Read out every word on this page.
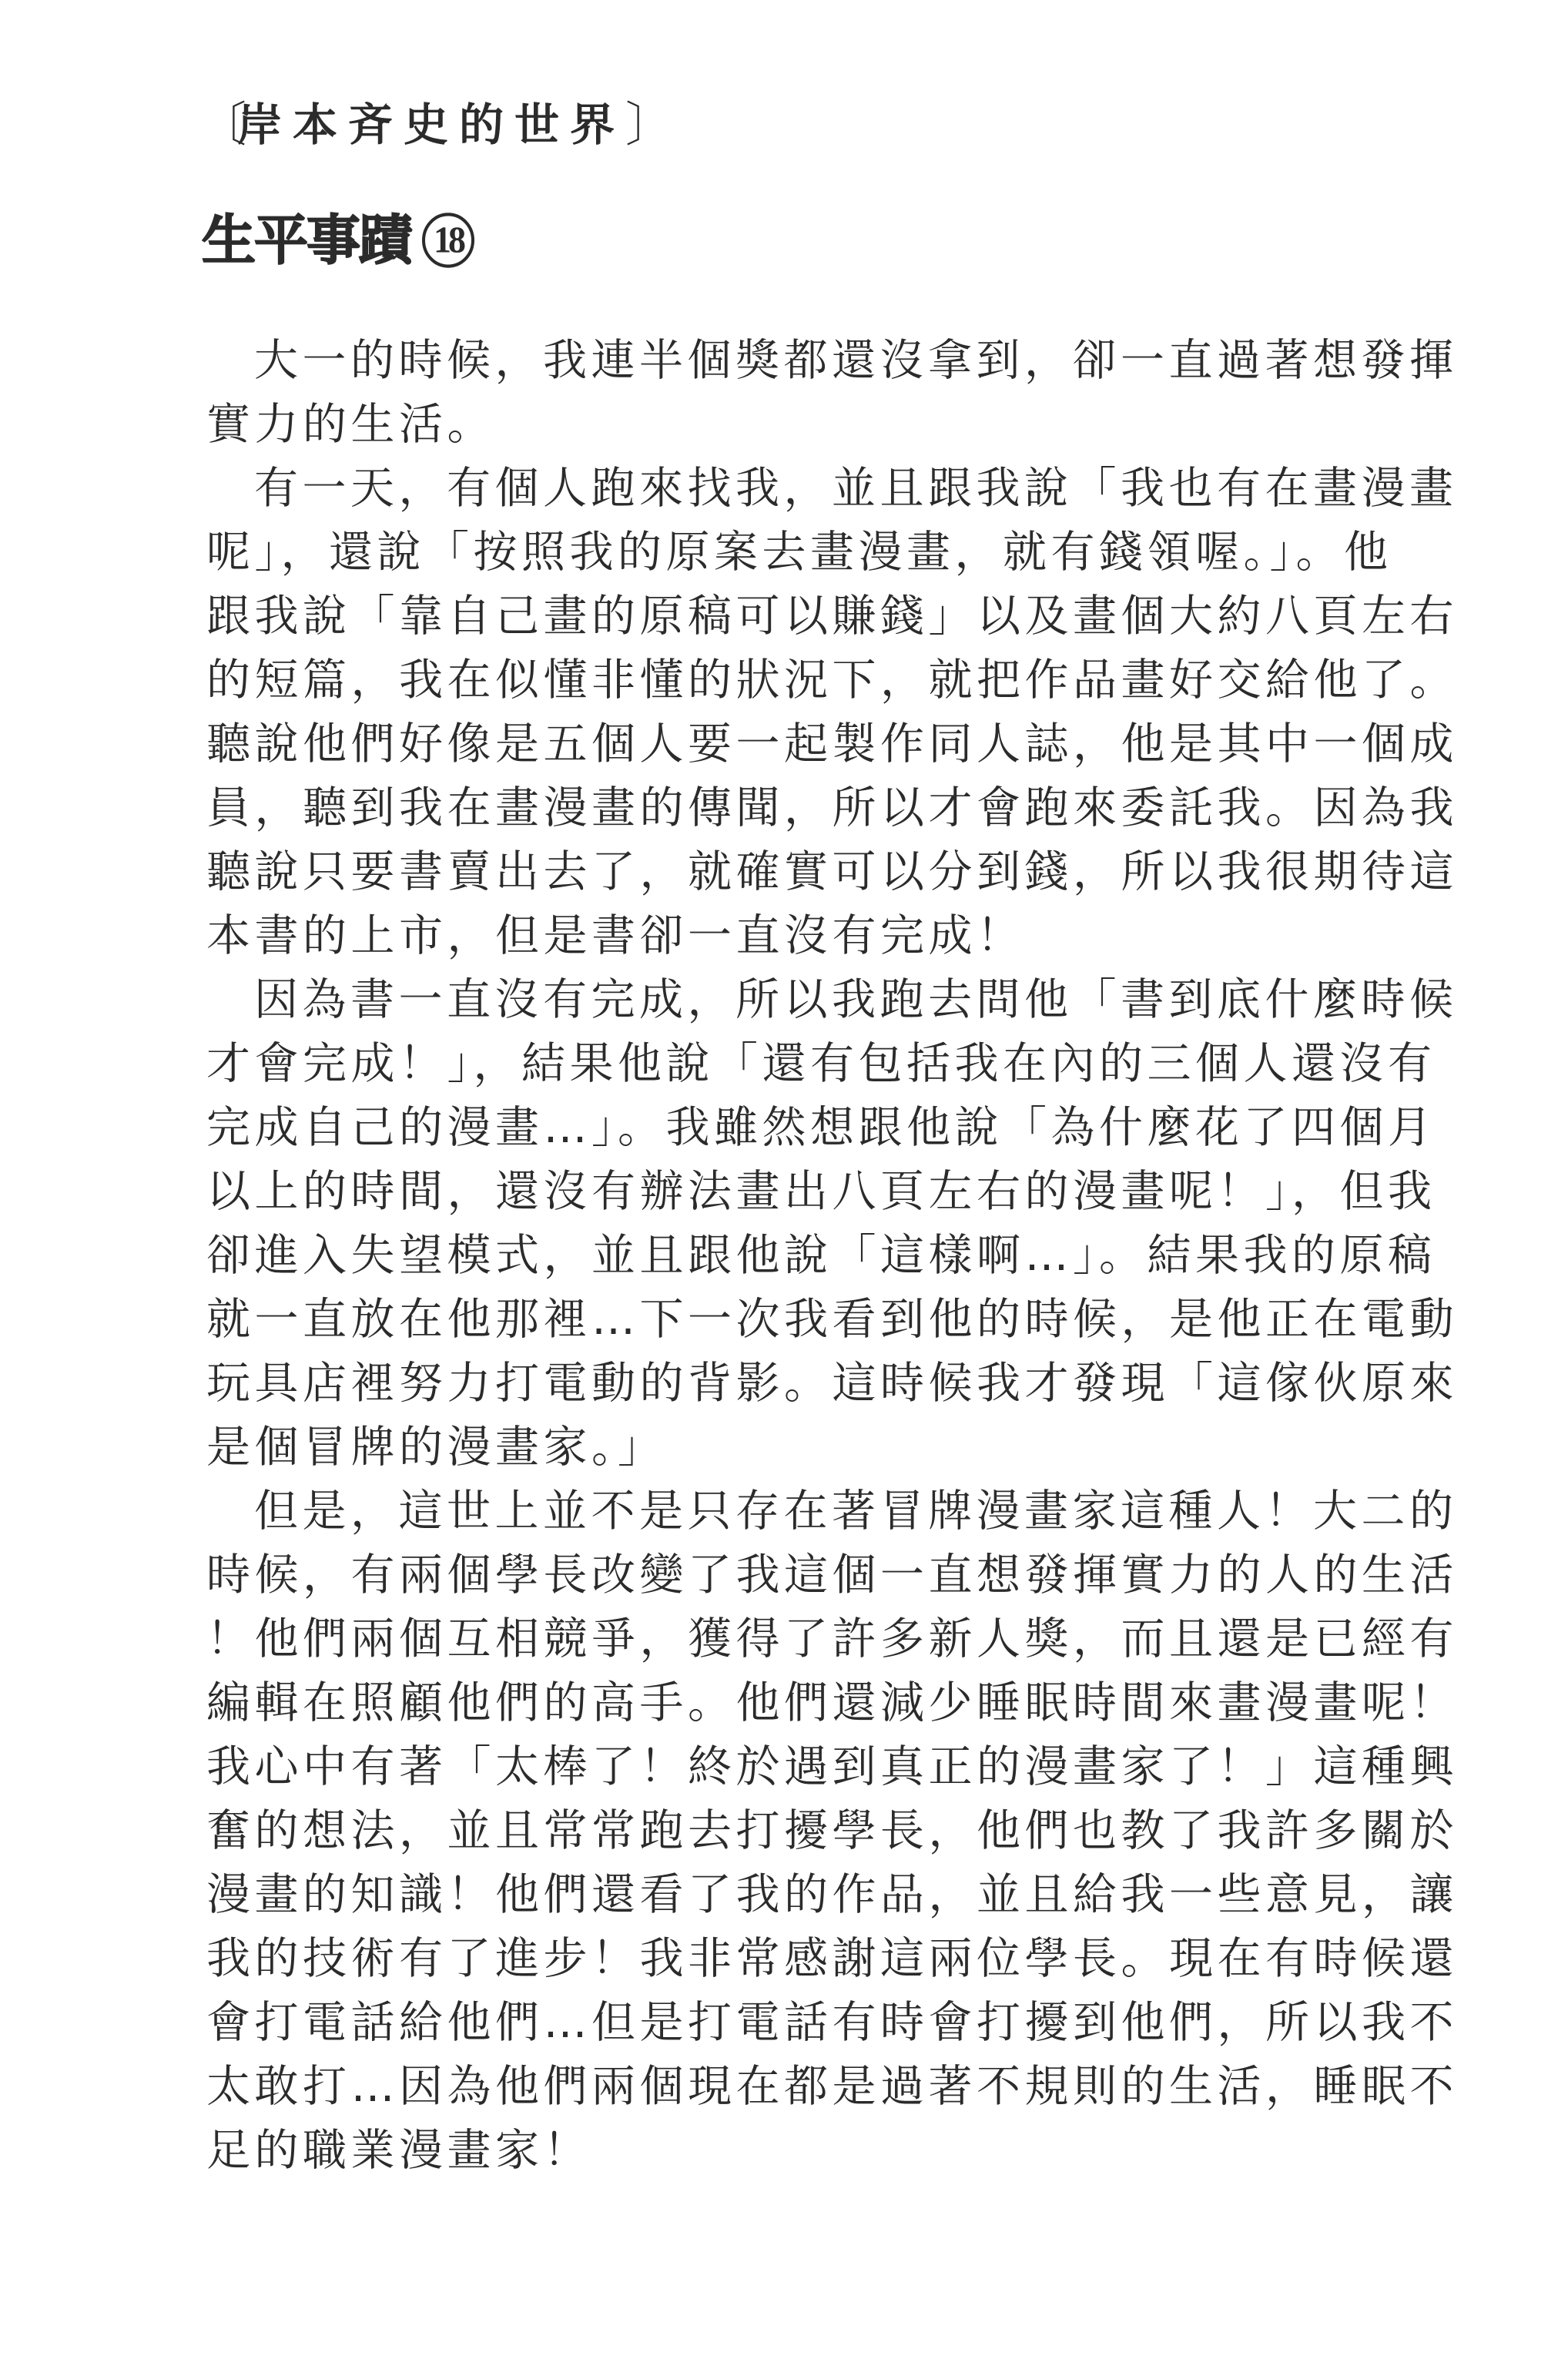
〔
岸本斉史的世界 〕
生平事蹟 18
大一的時候，我連半個獎都還沒拿到，卻一直過著想發揮
實力的生活。
有一天，有個人跑來找我，並且跟我說「我也有在畫漫畫
呢」，還說「按照我的原案去畫漫畫，就有錢領喔。」。他
跟我說「靠自己畫的原稿可以賺錢」以及畫個大約八頁左右
的短篇，我在似懂非懂的狀況下，就把作品畫好交給他了。
聽說他們好像是五個人要一起製作同人誌，他是其中一個成
員，聽到我在畫漫畫的傳聞，所以才會跑來委託我。因為我
聽說只要書賣出去了，就確實可以分到錢，所以我很期待這
本書的上市，但是書卻一直沒有完成！
因為書一直沒有完成，所以我跑去問他「書到底什麼時候
才會完成！」，結果他說「還有包括我在內的三個人還沒有
完成自己的漫畫…」。我雖然想跟他說「為什麼花了四個月
以上的時間，還沒有辦法畫出八頁左右的漫畫呢！」，但我
卻進入失望模式，並且跟他說「這樣啊…」。結果我的原稿
就一直放在他那裡…下一次我看到他的時候，是他正在電動
玩具店裡努力打電動的背影。這時候我才發現「這傢伙原來
是個冒牌的漫畫家。」
但是，這世上並不是只存在著冒牌漫畫家這種人！大二的
時候，有兩個學長改變了我這個一直想發揮實力的人的生活
！他們兩個互相競爭，獲得了許多新人獎，而且還是已經有
編輯在照顧他們的高手。他們還減少睡眠時間來畫漫畫呢！
我心中有著「太棒了！終於遇到真正的漫畫家了！」這種興
奮的想法，並且常常跑去打擾學長，他們也教了我許多關於
漫畫的知識！他們還看了我的作品，並且給我一些意見，讓
我的技術有了進步！我非常感謝這兩位學長。現在有時候還
會打電話給他們…但是打電話有時會打擾到他們，所以我不
太敢打…因為他們兩個現在都是過著不規則的生活，睡眠不
足的職業漫畫家！
